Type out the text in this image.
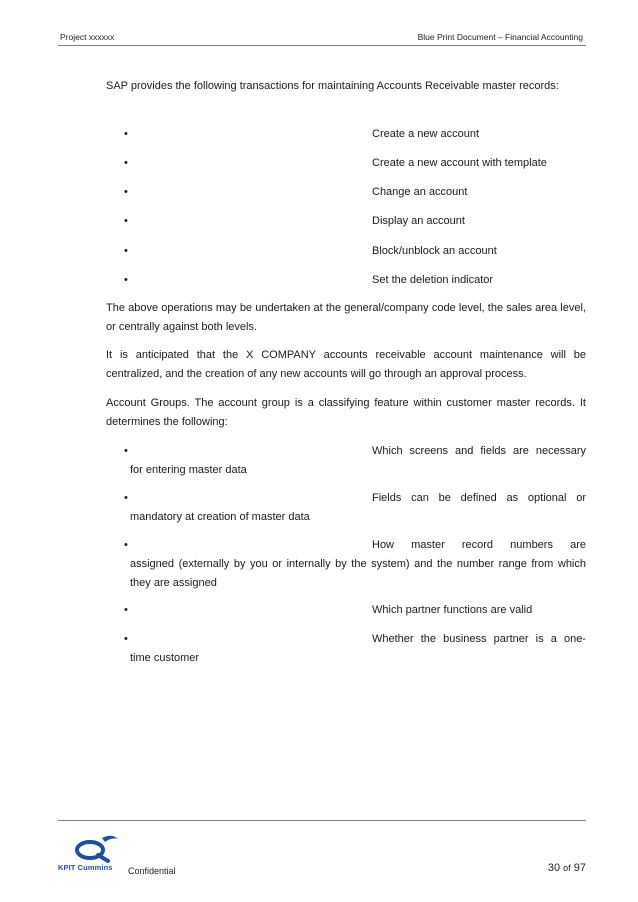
Project xxxxxx	Blue Print Document – Financial Accounting
SAP provides the following transactions for maintaining Accounts Receivable master records:
•	Create a new account
•	Create a new account with template
•	Change an account
•	Display an account
•	Block/unblock an account
•	Set the deletion indicator
The above operations may be undertaken at the general/company code level, the sales area level, or centrally against both levels.
It is anticipated that the X COMPANY accounts receivable account maintenance will be centralized, and the creation of any new accounts will go through an approval process.
Account Groups. The account group is a classifying feature within customer master records. It determines the following:
•	Which screens and fields are necessary
for entering master data
•	Fields can be defined as optional or
mandatory at creation of master data
•	How master record numbers are
assigned (externally by you or internally by the system) and the number range from which they are assigned
•	Which partner functions are valid
•	Whether the business partner is a one-
time customer
KPIT Cummins Confidential	30 of 97
